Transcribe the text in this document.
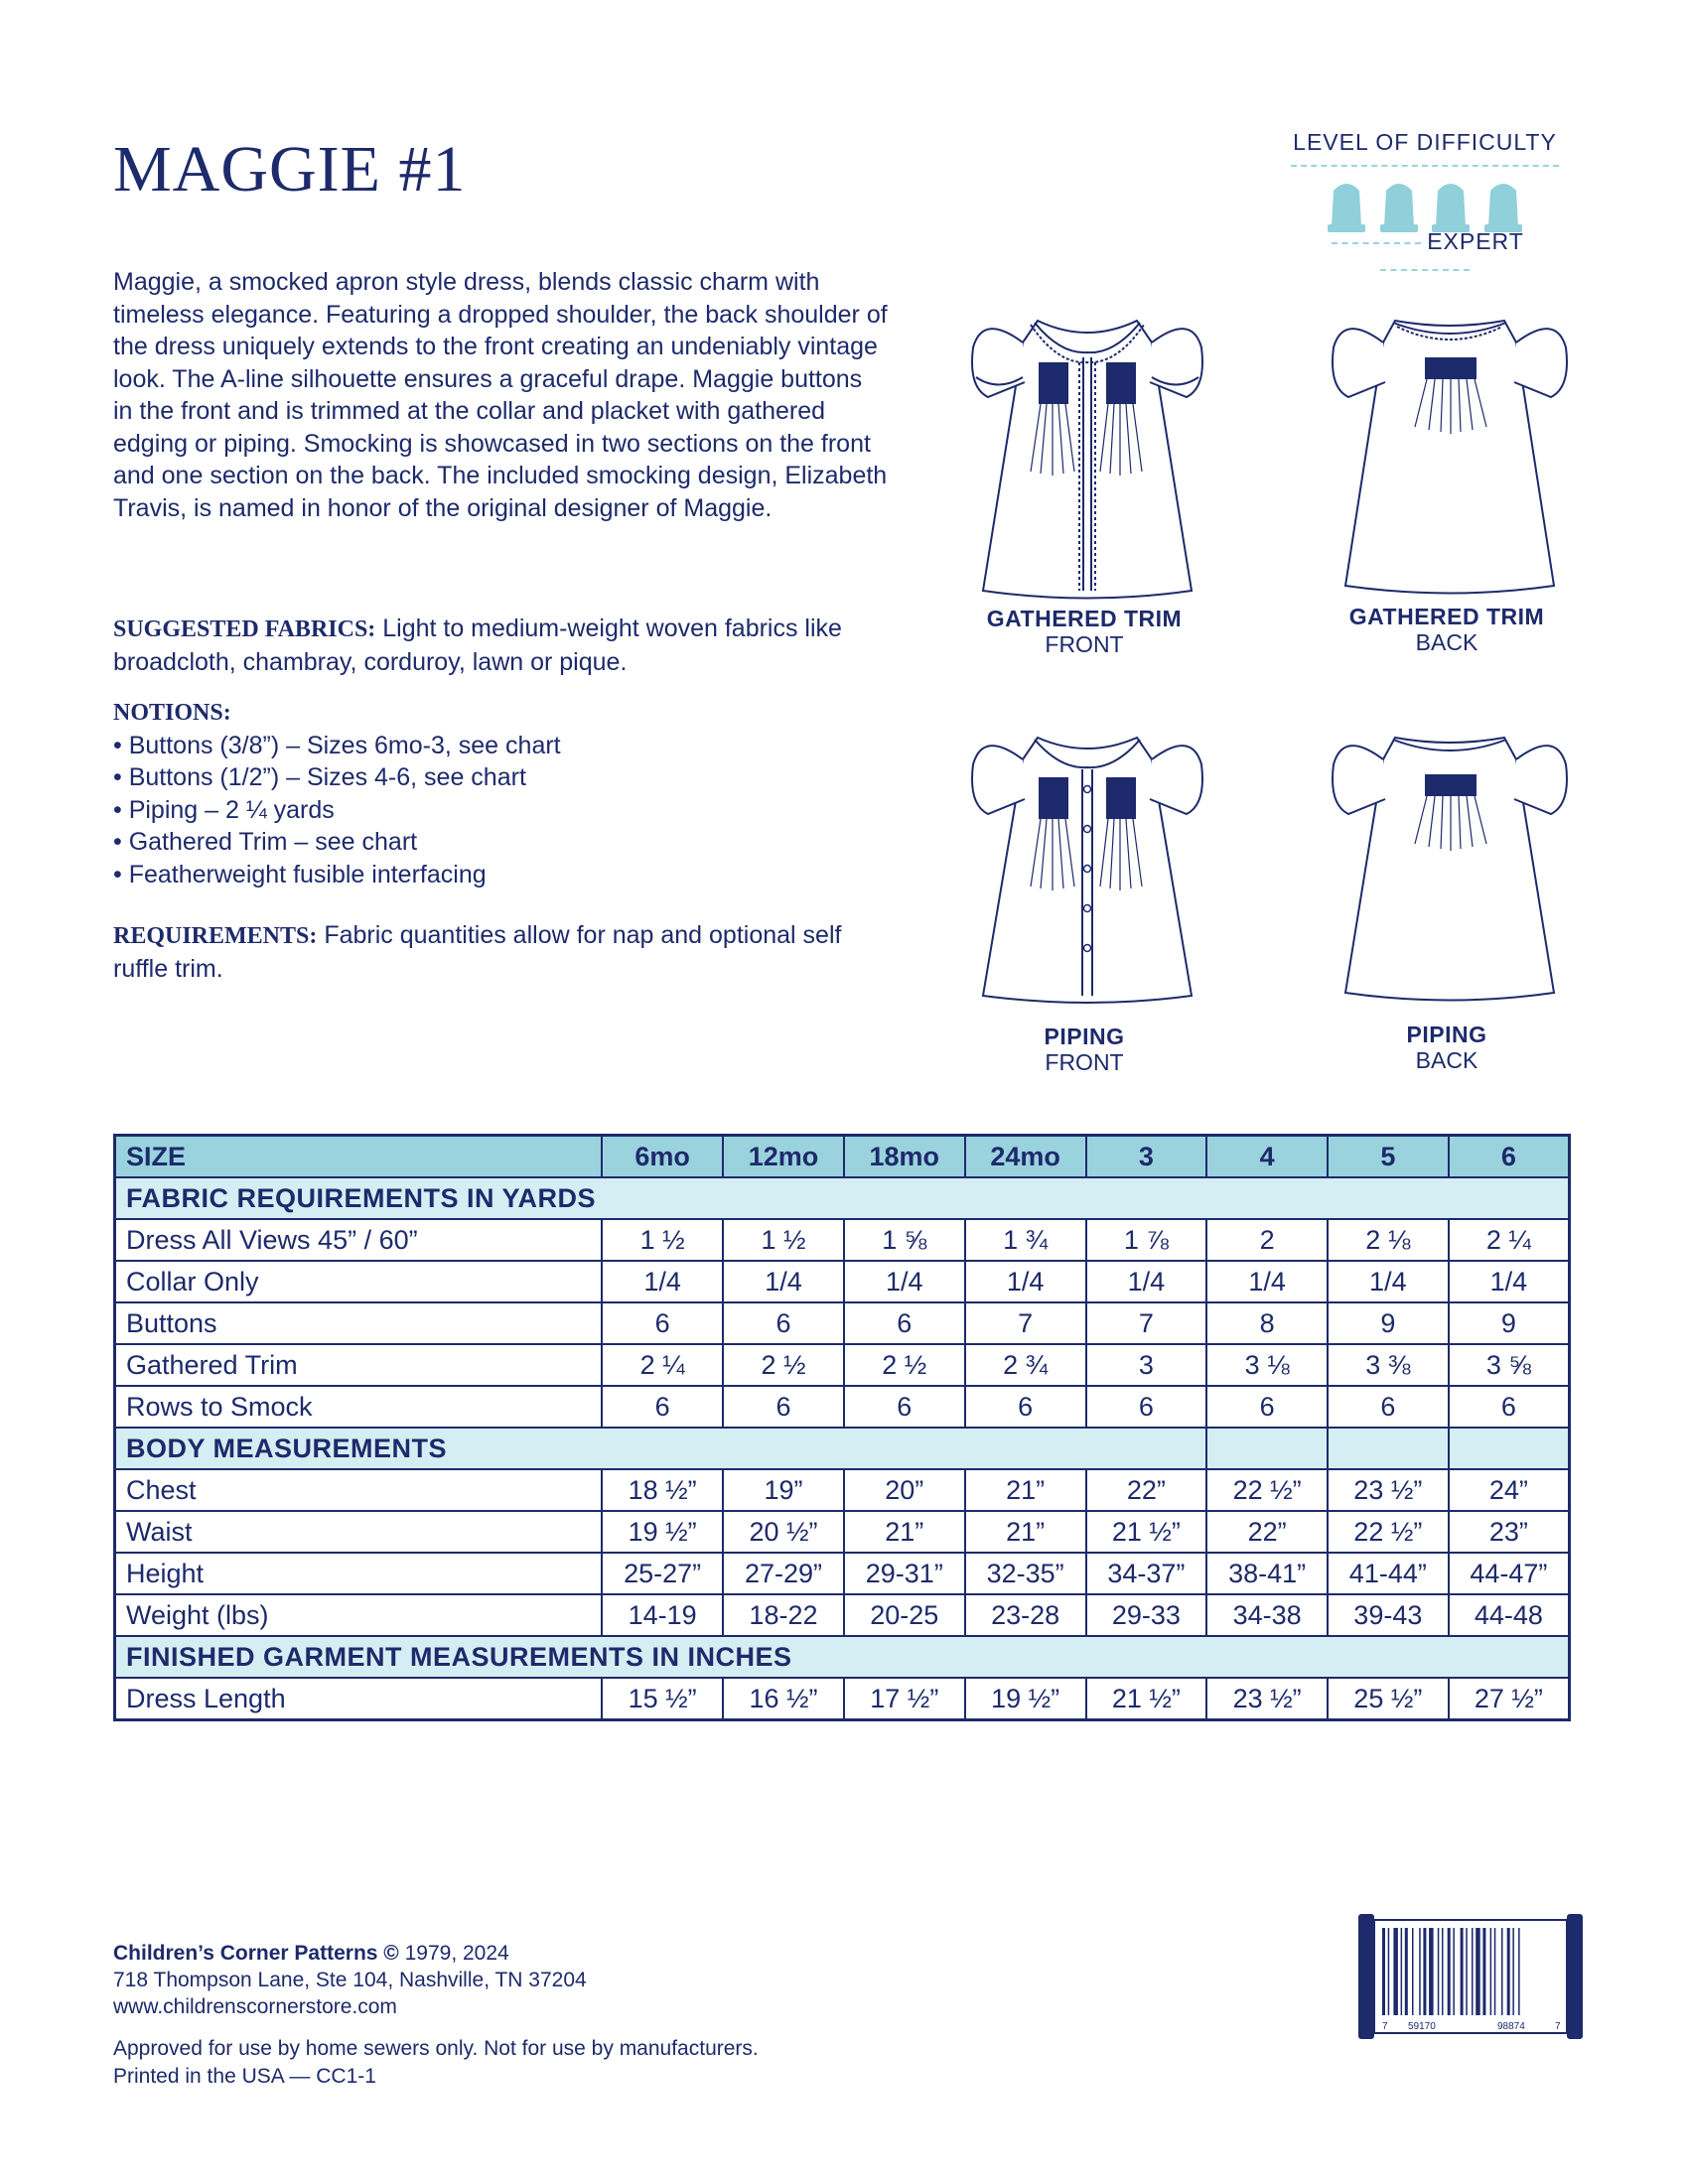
MAGGIE #1	LEVEL OF DIFFICULTY
EXPERT
Maggie, a smocked apron style dress, blends classic charm with timeless elegance. Featuring a dropped shoulder, the back shoulder of the dress uniquely extends to the front creating an undeniably vintage look. The A-line silhouette ensures a graceful drape. Maggie buttons in the front and is trimmed at the collar and placket with gathered edging or piping. Smocking is showcased in two sections on the front and one section on the back. The included smocking design, Elizabeth Travis, is named in honor of the original designer of Maggie.
SUGGESTED FABRICS: Light to medium-weight woven fabrics like broadcloth, chambray, corduroy, lawn or pique.
NOTIONS:
• Buttons (3/8”) – Sizes 6mo-3, see chart
• Buttons (1/2”) – Sizes 4-6, see chart
• Piping – 2 ¼ yards
• Gathered Trim – see chart
• Featherweight fusible interfacing
REQUIREMENTS: Fabric quantities allow for nap and optional self ruffle trim.
GATHERED TRIM
FRONT
GATHERED TRIM
BACK
PIPING
FRONT
PIPING
BACK
SIZE	6mo	12mo	18mo	24mo	3	4	5	6
FABRIC REQUIREMENTS IN YARDS								
Dress All Views 45” / 60”	1 ½	1 ½	1 ⅝	1 ¾	1 ⅞	2	2 ⅛	2 ¼
Collar Only	1/4	1/4	1/4	1/4	1/4	1/4	1/4	1/4
Buttons	6	6	6	7	7	8	9	9
Gathered Trim	2 ¼	2 ½	2 ½	2 ¾	3	3 ⅛	3 ⅜	3 ⅝
Rows to Smock	6	6	6	6	6	6	6	6
BODY MEASUREMENTS								
Chest	18 ½”	19”	20”	21”	22”	22 ½”	23 ½”	24”
Waist	19 ½”	20 ½”	21”	21”	21 ½”	22”	22 ½”	23”
Height	25-27”	27-29”	29-31”	32-35”	34-37”	38-41”	41-44”	44-47”
Weight (lbs)	14-19	18-22	20-25	23-28	29-33	34-38	39-43	44-48
FINISHED GARMENT MEASUREMENTS IN INCHES								
Dress Length	15 ½”	16 ½”	17 ½”	19 ½”	21 ½”	23 ½”	25 ½”	27 ½”
Children’s Corner Patterns © 1979, 2024
718 Thompson Lane, Ste 104, Nashville, TN 37204
www.childrenscornerstore.com
Approved for use by home sewers only. Not for use by manufacturers.
Printed in the USA — CC1-1
7 59170	98874	7
